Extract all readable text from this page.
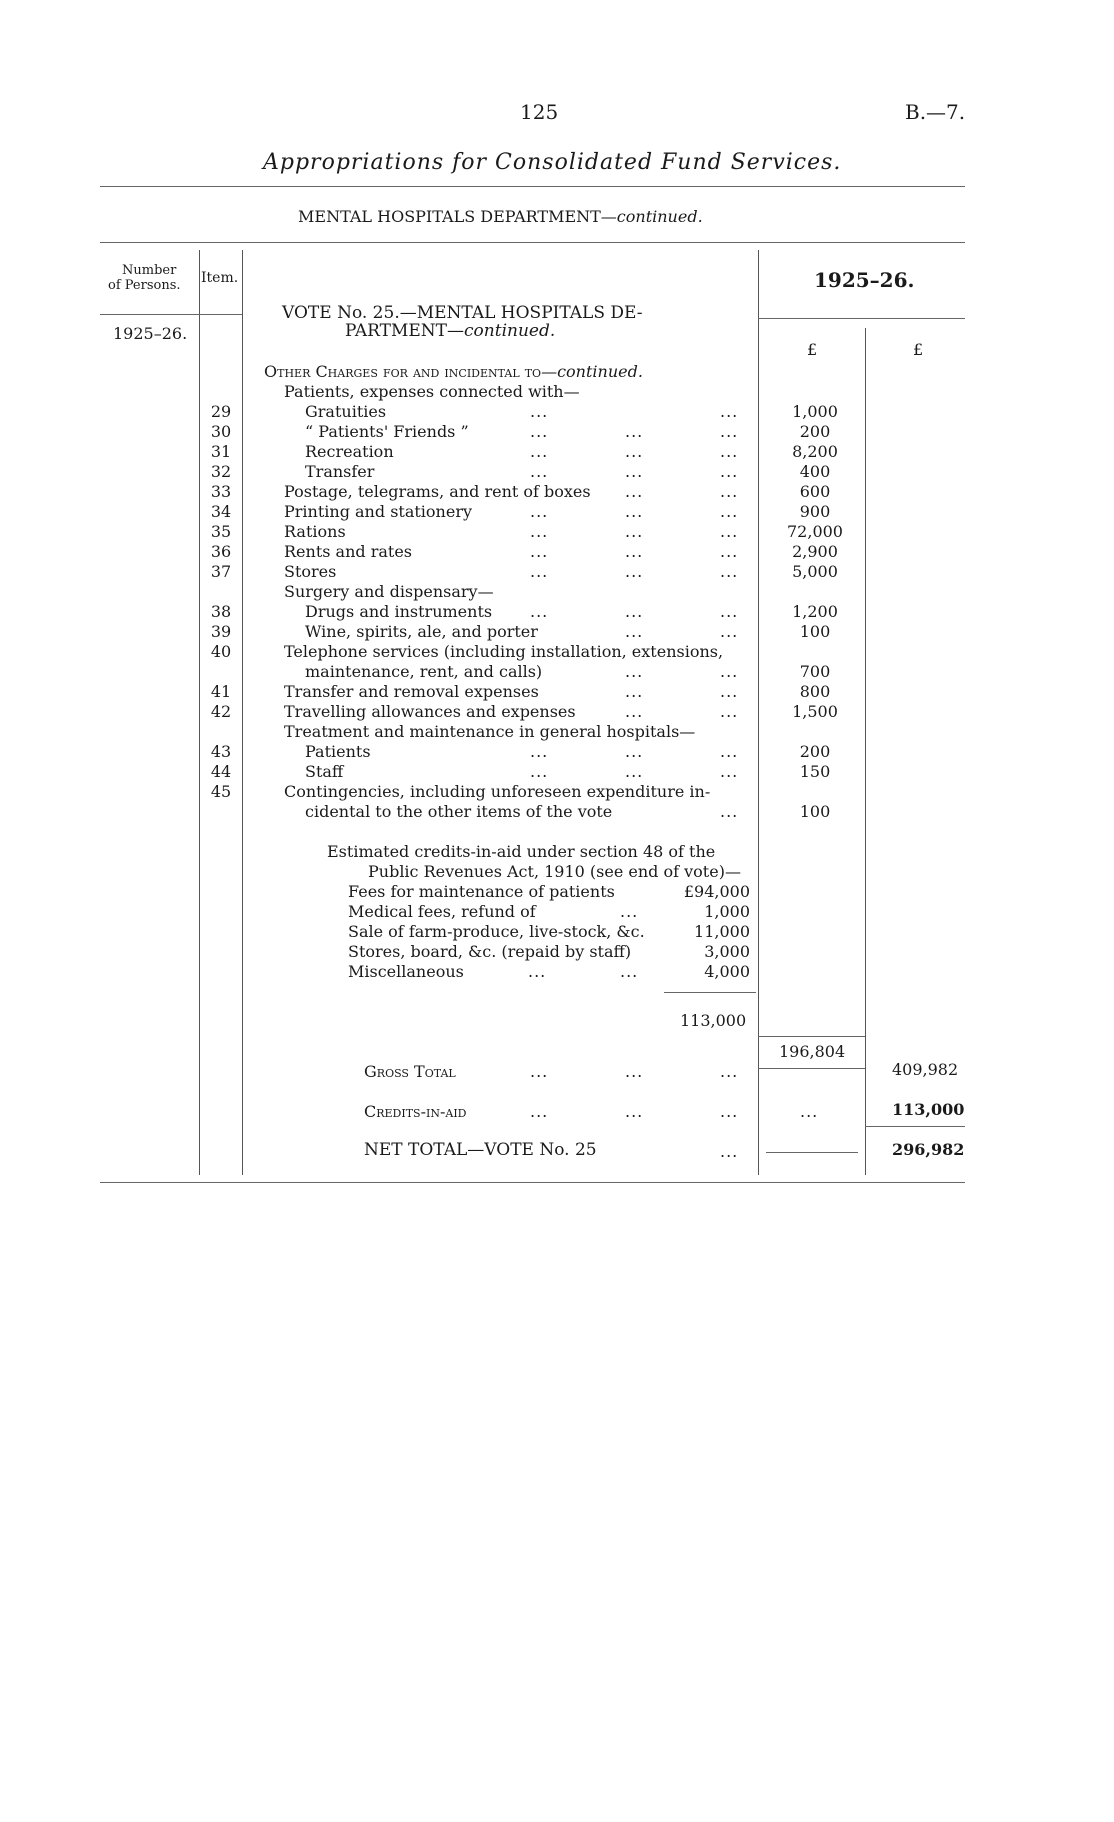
125	B.—7.
Appropriations for Consolidated Fund Services.
MENTAL HOSPITALS DEPARTMENT—continued.
Number
of Persons. Item.
1925–26.
1925–26.
£	£
VOTE No. 25.—MENTAL HOSPITALS DE-
PARTMENT—continued.
Other Charges for and incidental to—continued.
Patients, expenses connected with—
29	Gratuities	...	...	1,000
30	“ Patients' Friends ”	...	...	...	200
31	Recreation	...	...	...	8,200
32	Transfer	...	...	...	400
33	Postage, telegrams, and rent of boxes ...	...	600
34	Printing and stationery	...	...	...	900
35	Rations	...	...	...	72,000
36	Rents and rates	...	...	...	2,900
37	Stores	...	...	...	5,000
Surgery and dispensary—
38	Drugs and instruments ...	...	...	1,200
39	Wine, spirits, ale, and porter	...	...	100
40	Telephone services (including installation, extensions,
maintenance, rent, and calls)	...	...	700
41	Transfer and removal expenses	...	...	800
42	Travelling allowances and expenses	...	...	1,500
Treatment and maintenance in general hospitals—
43	Patients	...	...	...	200
44	Staff	...	...	...	150
45	Contingencies, including unforeseen expenditure in-
cidental to the other items of the vote	...	100
Estimated credits-in-aid under section 48 of the
Public Revenues Act, 1910 (see end of vote)—
Fees for maintenance of patients	£94,000
Medical fees, refund of	...	1,000
Sale of farm-produce, live-stock, &c.	11,000
Stores, board, &c. (repaid by staff)	3,000
Miscellaneous	...	...	4,000
113,000
196,804
Gross Total	...	...	...	409,982
Credits-in-aid	...	...	...	...	113,000
NET TOTAL—VOTE No. 25	...	296,982
